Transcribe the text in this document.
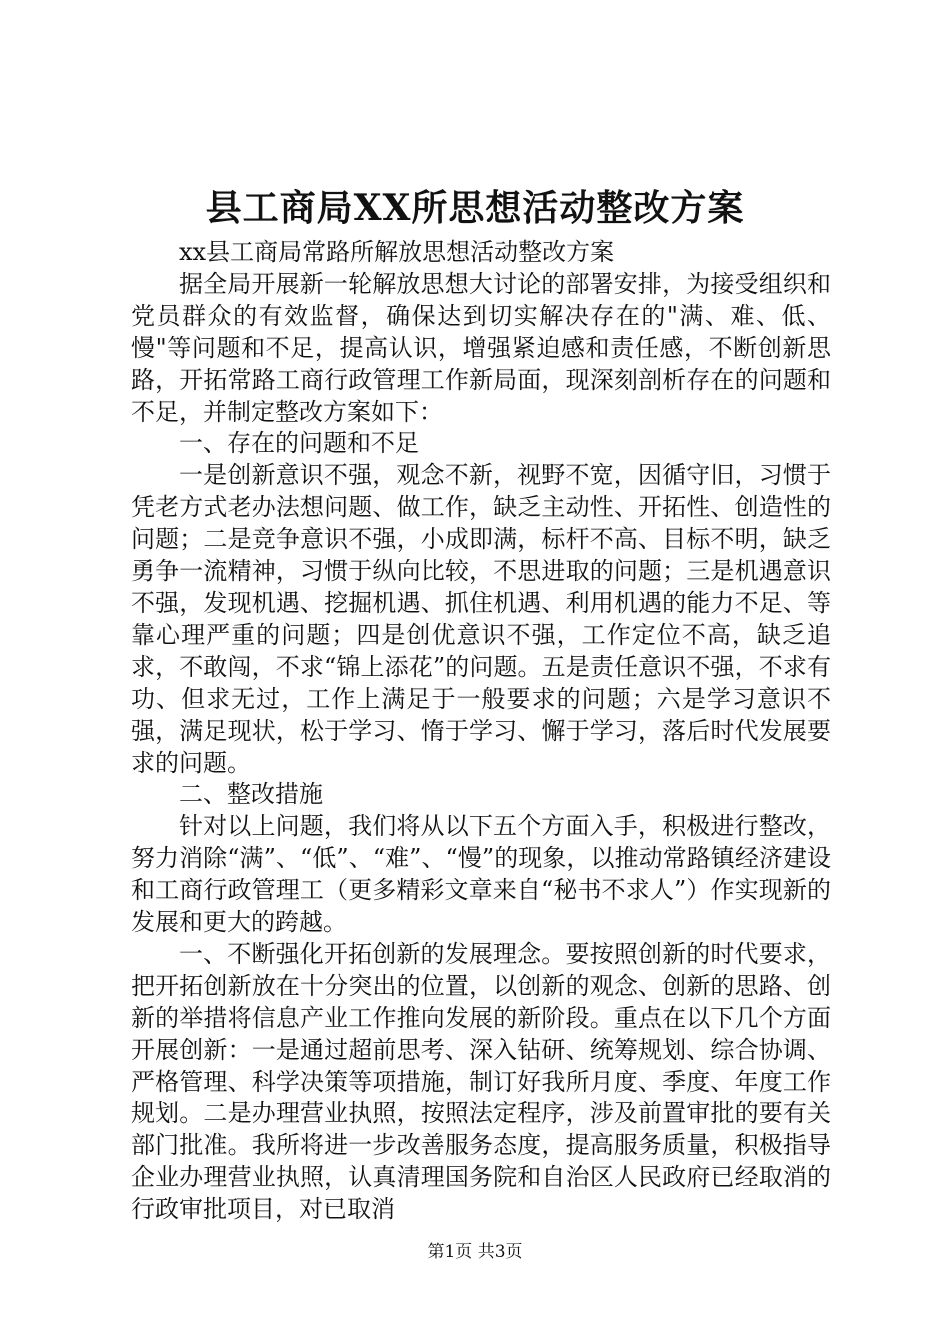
县工商局XX所思想活动整改方案

xx县工商局常路所解放思想活动整改方案

据全局开展新一轮解放思想大讨论的部署安排，为接受组织和党员群众的有效监督，确保达到切实解决存在的"满、难、低、慢"等问题和不足，提高认识，增强紧迫感和责任感，不断创新思路，开拓常路工商行政管理工作新局面，现深刻剖析存在的问题和不足，并制定整改方案如下：

一、存在的问题和不足

一是创新意识不强，观念不新，视野不宽，因循守旧，习惯于凭老方式老办法想问题、做工作，缺乏主动性、开拓性、创造性的问题；二是竞争意识不强，小成即满，标杆不高、目标不明，缺乏勇争一流精神，习惯于纵向比较，不思进取的问题；三是机遇意识不强，发现机遇、挖掘机遇、抓住机遇、利用机遇的能力不足、等靠心理严重的问题；四是创优意识不强，工作定位不高，缺乏追求，不敢闯，不求“锦上添花”的问题。五是责任意识不强，不求有功、但求无过，工作上满足于一般要求的问题；六是学习意识不强，满足现状，松于学习、惰于学习、懈于学习，落后时代发展要求的问题。

二、整改措施

针对以上问题，我们将从以下五个方面入手，积极进行整改，努力消除“满”、“低”、“难”、“慢”的现象，以推动常路镇经济建设和工商行政管理工（更多精彩文章来自“秘书不求人”）作实现新的发展和更大的跨越。

一、不断强化开拓创新的发展理念。要按照创新的时代要求，把开拓创新放在十分突出的位置，以创新的观念、创新的思路、创新的举措将信息产业工作推向发展的新阶段。重点在以下几个方面开展创新：一是通过超前思考、深入钻研、统筹规划、综合协调、严格管理、科学决策等项措施，制订好我所月度、季度、年度工作规划。二是办理营业执照，按照法定程序，涉及前置审批的要有关部门批准。我所将进一步改善服务态度，提高服务质量，积极指导企业办理营业执照，认真清理国务院和自治区人民政府已经取消的行政审批项目，对已取消

第1页 共3页
